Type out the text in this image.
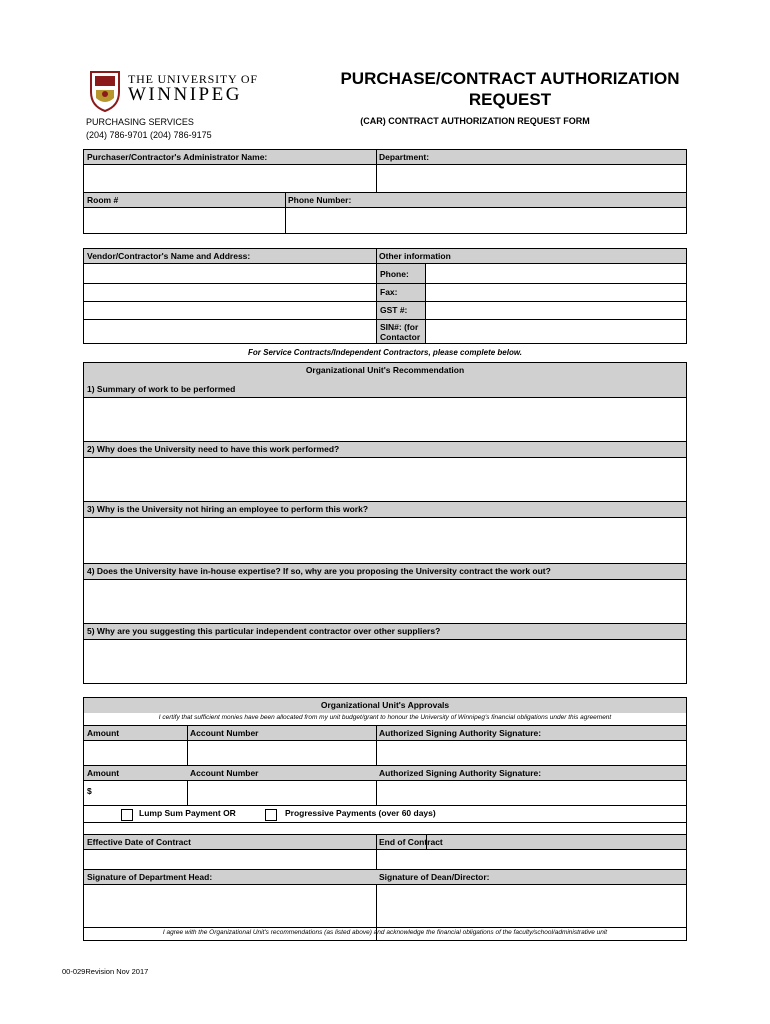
THE UNIVERSITY OF
WINNIPEG
PURCHASE/CONTRACT AUTHORIZATION REQUEST
(CAR) CONTRACT AUTHORIZATION REQUEST FORM
PURCHASING SERVICES
(204) 786-9701 (204) 786-9175
Purchaser/Contractor's Administrator Name:	Department:
Room #	Phone Number:
Vendor/Contractor's Name and Address:	Other information
Phone:
Fax:
GST #:
SIN#: (for Contactor
For Service Contracts/Independent Contractors, please complete below.
Organizational Unit's Recommendation
1) Summary of work to be performed
2) Why does the University need to have this work performed?
3) Why is the University not hiring an employee to perform this work?
4) Does the University have in-house expertise? If so, why are you proposing the University contract the work out?
5) Why are you suggesting this particular independent contractor over other suppliers?
Organizational Unit's Approvals
I certify that sufficient monies have been allocated from my unit budget/grant to honour the University of Winnipeg's financial obligations under this agreement
Amount	Account Number	Authorized Signing Authority Signature:
Amount	Account Number	Authorized Signing Authority Signature:
$
Lump Sum Payment OR	Progressive Payments (over 60 days)
Effective Date of Contract	End of Contract
Signature of Department Head:	Signature of Dean/Director:
I agree with the Organizational Unit's recommendations (as listed above) and acknowledge the financial obligations of the faculty/school/administrative unit
00-029Revision Nov 2017
